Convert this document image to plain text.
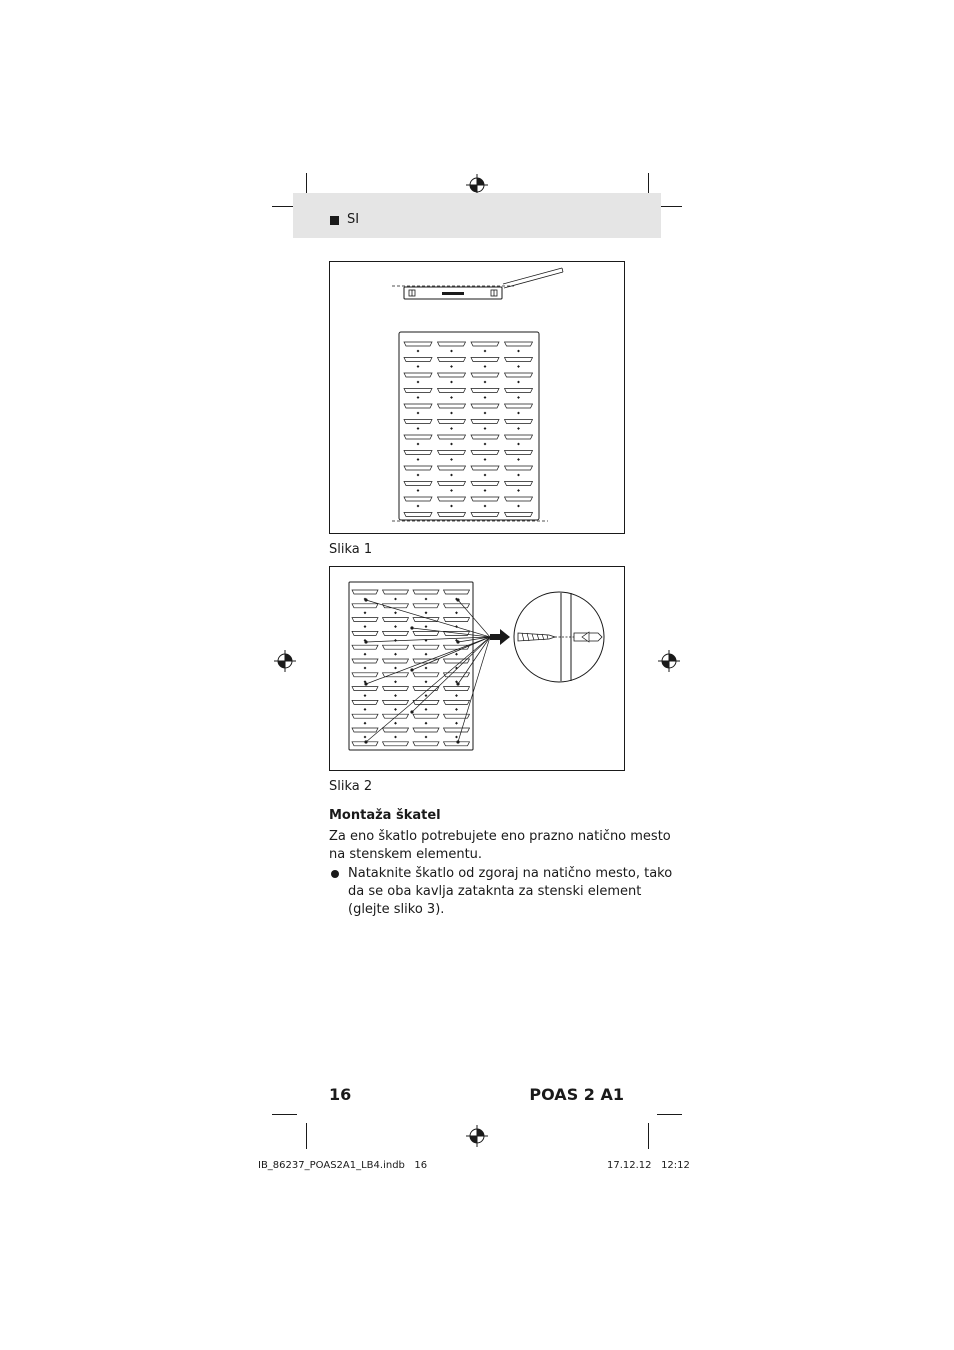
SI
Slika 1
Slika 2
Montaža škatel
Za eno škatlo potrebujete eno prazno natično mesto
na stenskem elementu.
Nataknite škatlo od zgoraj na natično mesto, tako
da se oba kavlja zataknta za stenski element
(glejte sliko 3).
16	POAS 2 A1
IB_86237_POAS2A1_LB4.indb   16	17.12.12   12:12
